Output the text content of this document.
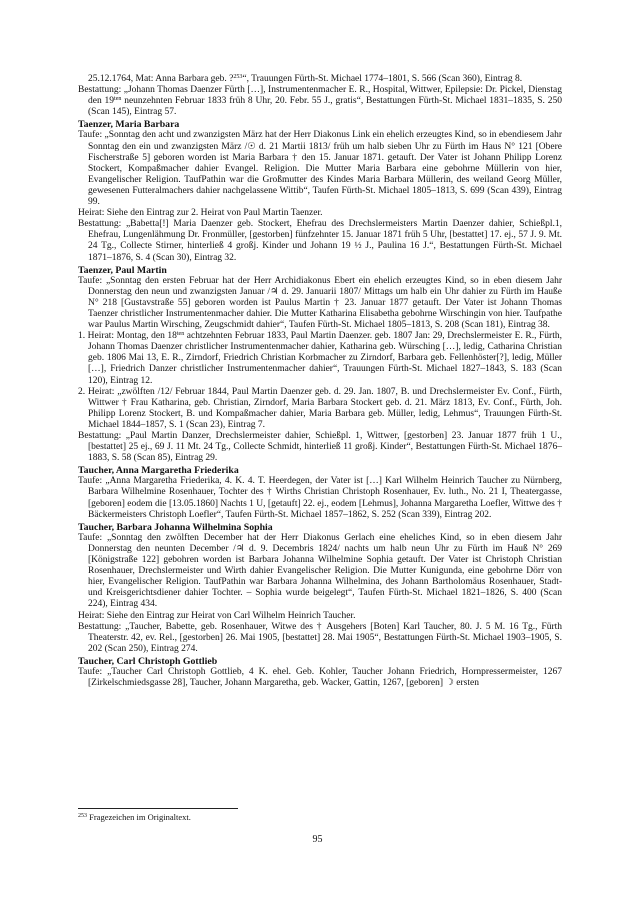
25.12.1764, Mat: Anna Barbara geb. ?$^{253}$“, Trauungen Fürth-St. Michael 1774–1801, S. 566 (Scan 360), Eintrag 8.

Bestattung: „Johann Thomas Daenzer Fürth […], Instrumentenmacher E. R., Hospital, Wittwer, Epilepsie: Dr. Pickel, Dienstag den $19^{ten}$ neunzehnten Februar 1833 früh 8 Uhr, 20. Febr. 55 J., gratis“, Bestattungen Fürth-St. Michael 1831–1835, S. 250 (Scan 145), Eintrag 57.

Taenzer, Maria Barbara

Taufe: „Sonntag den acht und zwanzigsten März hat der Herr Diakonus Link ein ehelich erzeugtes Kind, so in ebendiesem Jahr Sonntag den ein und zwanzigsten März /☉ d. 21 Martii 1813/ früh um halb sieben Uhr zu Fürth im Haus N° 121 [Obere Fischerstraße 5] geboren worden ist Maria Barbara † den 15. Januar 1871. getauft. Der Vater ist Johann Philipp Lorenz Stockert, Kompaßmacher dahier Evangel. Religion. Die Mutter Maria Barbara eine gebohrne Müllerin von hier, Evangelischer Religion. TaufPathin war die Großmutter des Kindes Maria Barbara Müllerin, des weiland Georg Müller, gewesenen Futteralmachers dahier nachgelassene Wittib“, Taufen Fürth-St. Michael 1805–1813, S. 699 (Scan 439), Eintrag 99.

Heirat: Siehe den Eintrag zur 2. Heirat von Paul Martin Taenzer.

Bestattung: „Babetta[!] Maria Daenzer geb. Stockert, Ehefrau des Drechslermeisters Martin Daenzer dahier, Schießpl.1, Ehefrau, Lungenlähmung Dr. Fronmüller, [gestorben] fünfzehnter 15. Januar 1871 früh 5 Uhr, [bestattet] 17. ej., 57 J. 9. Mt. 24 Tg., Collecte Stirner, hinterließ 4 großj. Kinder und Johann 19 ½ J., Paulina 16 J.“, Bestattungen Fürth-St. Michael 1871–1876, S. 4 (Scan 30), Eintrag 32.

Taenzer, Paul Martin

Taufe: „Sonntag den ersten Februar hat der Herr Archidiakonus Ebert ein ehelich erzeugtes Kind, so in eben diesem Jahr Donnerstag den neun und zwanzigsten Januar /♃ d. 29. Januarii 1807/ Mittags um halb ein Uhr dahier zu Fürth im Hauße N° 218 [Gustavstraße 55] geboren worden ist Paulus Martin † 23. Januar 1877 getauft. Der Vater ist Johann Thomas Taenzer christlicher Instrumentenmacher dahier. Die Mutter Katharina Elisabetha gebohrne Wirschingin von hier. Taufpathe war Paulus Martin Wirsching, Zeugschmidt dahier“, Taufen Fürth-St. Michael 1805–1813, S. 208 (Scan 181), Eintrag 38.

1. Heirat: Montag, den $18^{ten}$ achtzehnten Februar 1833, Paul Martin Daenzer. geb. 1807 Jan: 29, Drechslermeister E. R., Fürth, Johann Thomas Daenzer christlicher Instrumentenmacher dahier, Katharina geb. Würsching […], ledig, Catharina Christian geb. 1806 Mai 13, E. R., Zirndorf, Friedrich Christian Korbmacher zu Zirndorf, Barbara geb. Fellenhöster[?], ledig, Müller […], Friedrich Danzer christlicher Instrumentenmacher dahier“, Trauungen Fürth-St. Michael 1827–1843, S. 183 (Scan 120), Eintrag 12.

2. Heirat: „zwölften /12/ Februar 1844, Paul Martin Daenzer geb. d. 29. Jan. 1807, B. und Drechslermeister Ev. Conf., Fürth, Wittwer † Frau Katharina, geb. Christian, Zirndorf, Maria Barbara Stockert geb. d. 21. März 1813, Ev. Conf., Fürth, Joh. Philipp Lorenz Stockert, B. und Kompaßmacher dahier, Maria Barbara geb. Müller, ledig, Lehmus“, Trauungen Fürth-St. Michael 1844–1857, S. 1 (Scan 23), Eintrag 7.

Bestattung: „Paul Martin Danzer, Drechslermeister dahier, Schießpl. 1, Wittwer, [gestorben] 23. Januar 1877 früh 1 U., [bestattet] 25 ej., 69 J. 11 Mt. 24 Tg., Collecte Schmidt, hinterließ 11 großj. Kinder“, Bestattungen Fürth-St. Michael 1876–1883, S. 58 (Scan 85), Eintrag 29.

Taucher, Anna Margaretha Friederika

Taufe: „Anna Margaretha Friederika, 4. K. 4. T. Heerdegen, der Vater ist […] Karl Wilhelm Heinrich Taucher zu Nürnberg, Barbara Wilhelmine Rosenhauer, Tochter des † Wirths Christian Christoph Rosenhauer, Ev. luth., No. 21 I, Theatergasse, [geboren] eodem die [13.05.1860] Nachts 1 U, [getauft] 22. ej., eodem [Lehmus], Johanna Margaretha Loefler, Wittwe des † Bäckermeisters Christoph Loefler“, Taufen Fürth-St. Michael 1857–1862, S. 252 (Scan 339), Eintrag 202.

Taucher, Barbara Johanna Wilhelmina Sophia

Taufe: „Sonntag den zwölften December hat der Herr Diakonus Gerlach eine eheliches Kind, so in eben diesem Jahr Donnerstag den neunten December /♃ d. 9. Decembris 1824/ nachts um halb neun Uhr zu Fürth im Hauß N° 269 [Königstraße 122] gebohren worden ist Barbara Johanna Wilhelmine Sophia getauft. Der Vater ist Christoph Christian Rosenhauer, Drechslermeister und Wirth dahier Evangelischer Religion. Die Mutter Kunigunda, eine gebohrne Dörr von hier, Evangelischer Religion. TaufPathin war Barbara Johanna Wilhelmina, des Johann Bartholomäus Rosenhauer, Stadt- und Kreisgerichtsdiener dahier Tochter. – Sophia wurde beigelegt“, Taufen Fürth-St. Michael 1821–1826, S. 400 (Scan 224), Eintrag 434.

Heirat: Siehe den Eintrag zur Heirat von Carl Wilhelm Heinrich Taucher.

Bestattung: „Taucher, Babette, geb. Rosenhauer, Witwe des † Ausgehers [Boten] Karl Taucher, 80. J. 5 M. 16 Tg., Fürth Theaterstr. 42, ev. Rel., [gestorben] 26. Mai 1905, [bestattet] 28. Mai 1905“, Bestattungen Fürth-St. Michael 1903–1905, S. 202 (Scan 250), Eintrag 274.

Taucher, Carl Christoph Gottlieb

Taufe: „Taucher Carl Christoph Gottlieb, 4 K. ehel. Geb. Kohler, Taucher Johann Friedrich, Hornpressermeister, 1267 [Zirkelschmiedsgasse 28], Taucher, Johann Margaretha, geb. Wacker, Gattin, 1267, [geboren] ☽ ersten

$^{253}$ Fragezeichen im Originaltext.
95
